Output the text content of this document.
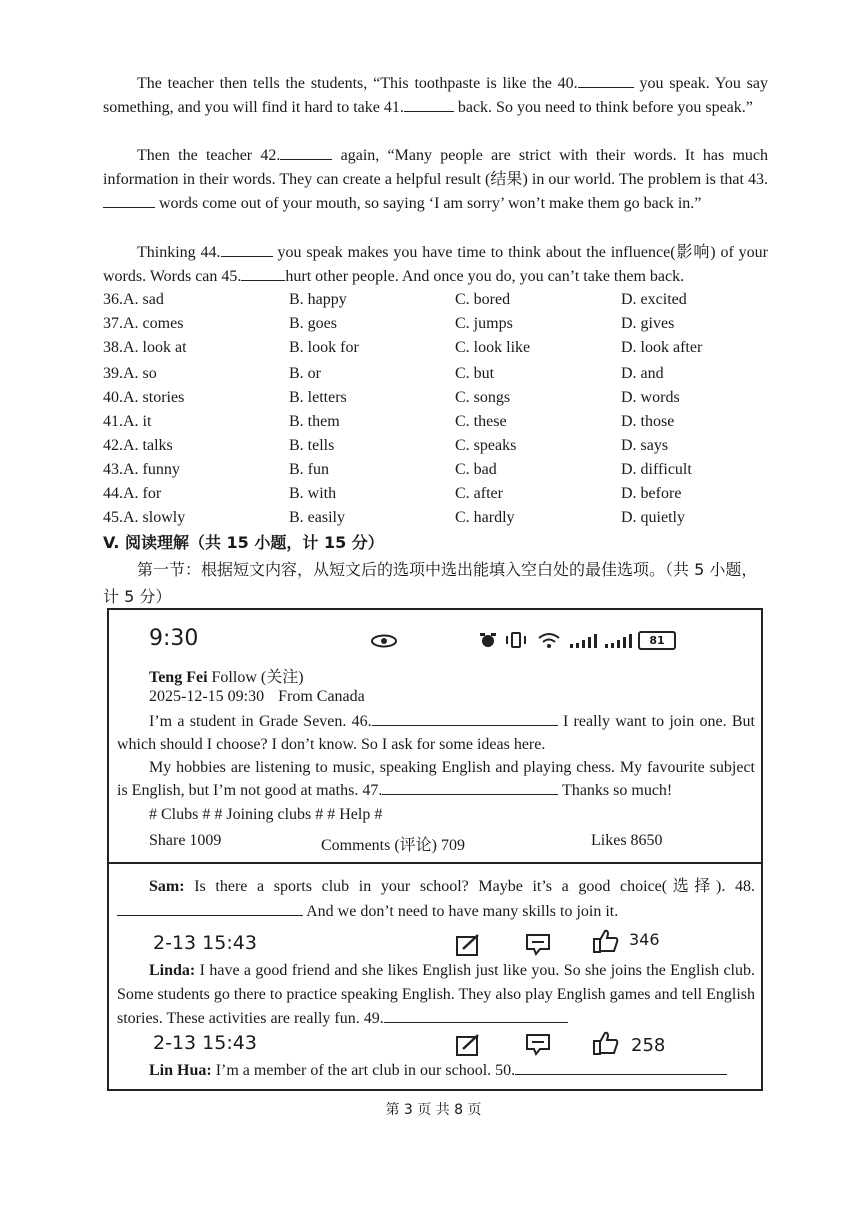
The teacher then tells the students, “This toothpaste is like the 40.	you speak. You say something, and you will find it hard to take 41.	back. So you need to think before you speak.”

Then the teacher 42.	again, “Many people are strict with their words. It has much information in their words. They can create a helpful result (结果) in our world. The problem is that 43. words come out of your mouth, so saying ‘I am sorry’ won’t make them go back in.”

Thinking 44.	you speak makes you have time to think about the influence(影响) of your words. Words can 45.	hurt other people. And once you do, you can’t take them back.

36.A. sad	B. happy	C. bored	D. excited
37.A. comes	B. goes	C. jumps	D. gives
38.A. look at	B. look for	C. look like	D. look after
39.A. so	B. or	C. but	D. and
40.A. stories	B. letters	C. songs	D. words
41.A. it	B. them	C. these	D. those
42.A. talks	B. tells	C. speaks	D. says
43.A. funny	B. fun	C. bad	D. difficult
44.A. for	B. with	C. after	D. before
45.A. slowly	B. easily	C. hardly	D. quietly
V. 阅读理解（共 15 小题，计 15 分）
第一节：根据短文内容，从短文后的选项中选出能填入空白处的最佳选项。（共 5 小题，计 5 分）
9:30	81
Teng Fei Follow (关注)
2025-12-15 09:30 From Canada
I’m a student in Grade Seven. 46.	I really want to join one. But which should I choose? I don’t know. So I ask for some ideas here.
My hobbies are listening to music, speaking English and playing chess. My favourite subject is English, but I’m not good at maths. 47.	Thanks so much!
# Clubs # # Joining clubs # # Help #
Share 1009	Comments (评论) 709	Likes 8650
Sam: Is there a sports club in your school? Maybe it’s a good choice(选择). 48. And we don’t need to have many skills to join it.
2-13 15:43	346
Linda: I have a good friend and she likes English just like you. So she joins the English club. Some students go there to practice speaking English. They also play English games and tell English stories. These activities are really fun. 49.
2-13 15:43	258
Lin Hua: I’m a member of the art club in our school. 50.
第 3 页 共 8 页
